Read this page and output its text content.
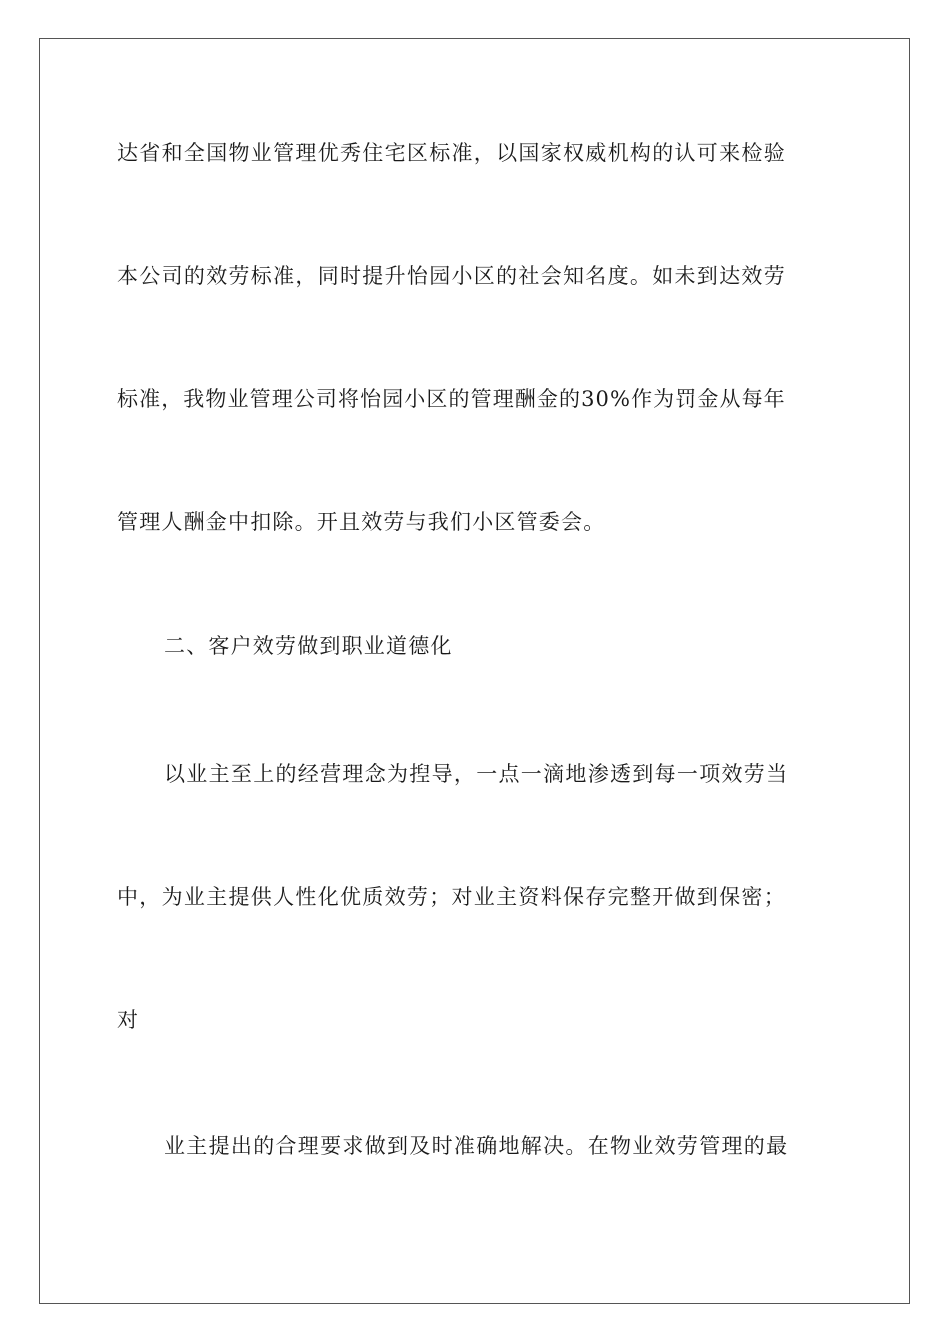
达省和全国物业管理优秀住宅区标准，以国家权威机构的认可来检验
本公司的效劳标准，同时提升怡园小区的社会知名度。如未到达效劳
标准，我物业管理公司将怡园小区的管理酬金的30%作为罚金从每年
管理人酬金中扣除。开且效劳与我们小区管委会。
二、客户效劳做到职业道德化
以业主至上的经营理念为揑导，一点一滴地渗透到每一项效劳当
中，为业主提供人性化优质效劳；对业主资料保存完整开做到保密；
对
业主提出的合理要求做到及时准确地解决。在物业效劳管理的最
